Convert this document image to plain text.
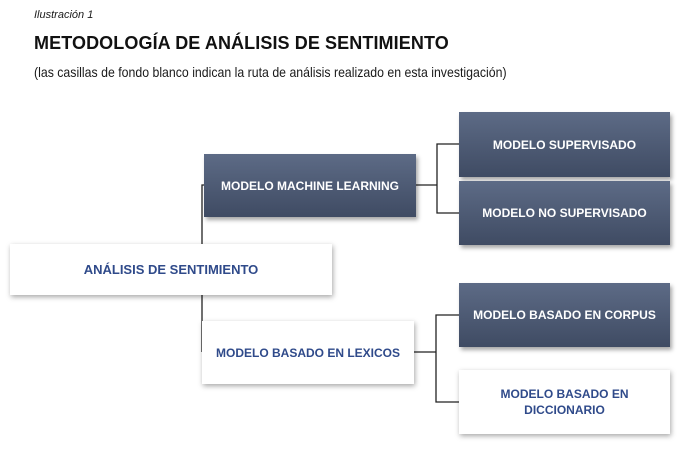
Ilustración 1
METODOLOGÍA DE ANÁLISIS DE SENTIMIENTO
(las casillas de fondo blanco indican la ruta de análisis realizado en esta investigación)
ANÁLISIS DE SENTIMIENTO
MODELO MACHINE LEARNING
MODELO BASADO EN LEXICOS
MODELO SUPERVISADO
MODELO NO SUPERVISADO
MODELO BASADO EN CORPUS
MODELO BASADO EN
DICCIONARIO
